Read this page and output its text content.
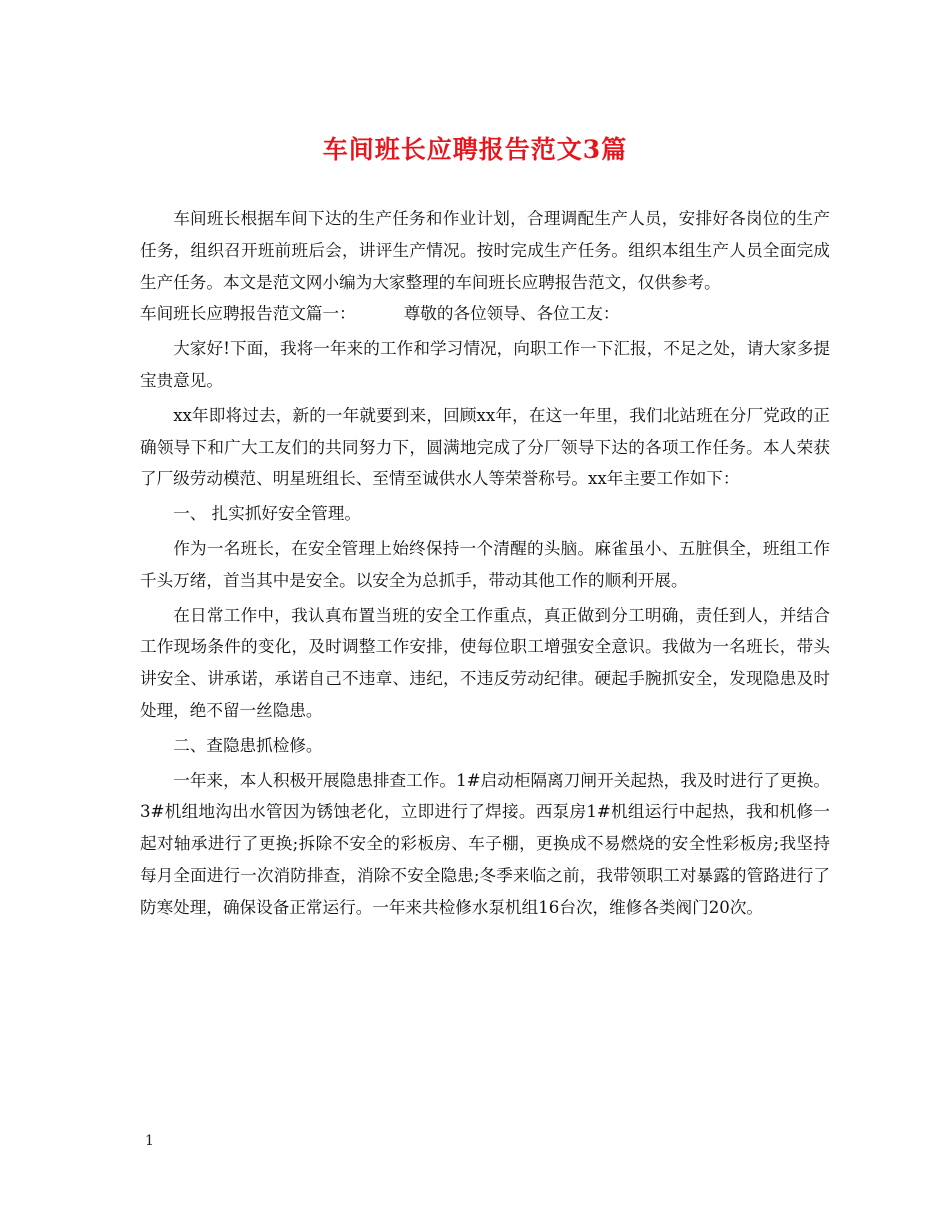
车间班长应聘报告范文3篇

车间班长根据车间下达的生产任务和作业计划，合理调配生产人员，安排好各岗位的生产任务，组织召开班前班后会，讲评生产情况。按时完成生产任务。组织本组生产人员全面完成生产任务。本文是范文网小编为大家整理的车间班长应聘报告范文，仅供参考。

车间班长应聘报告范文篇一：	尊敬的各位领导、各位工友：

大家好!下面，我将一年来的工作和学习情况，向职工作一下汇报，不足之处，请大家多提宝贵意见。

xx年即将过去，新的一年就要到来，回顾xx年，在这一年里，我们北站班在分厂党政的正确领导下和广大工友们的共同努力下，圆满地完成了分厂领导下达的各项工作任务。本人荣获了厂级劳动模范、明星班组长、至情至诚供水人等荣誉称号。xx年主要工作如下：

一、 扎实抓好安全管理。

作为一名班长，在安全管理上始终保持一个清醒的头脑。麻雀虽小、五脏俱全，班组工作千头万绪，首当其中是安全。以安全为总抓手，带动其他工作的顺利开展。

在日常工作中，我认真布置当班的安全工作重点，真正做到分工明确，责任到人，并结合工作现场条件的变化，及时调整工作安排，使每位职工增强安全意识。我做为一名班长，带头讲安全、讲承诺，承诺自己不违章、违纪，不违反劳动纪律。硬起手腕抓安全，发现隐患及时处理，绝不留一丝隐患。

二、查隐患抓检修。

一年来，本人积极开展隐患排查工作。1#启动柜隔离刀闸开关起热，我及时进行了更换。3#机组地沟出水管因为锈蚀老化，立即进行了焊接。西泵房1#机组运行中起热，我和机修一起对轴承进行了更换;拆除不安全的彩板房、车子棚，更换成不易燃烧的安全性彩板房;我坚持每月全面进行一次消防排查，消除不安全隐患;冬季来临之前，我带领职工对暴露的管路进行了防寒处理，确保设备正常运行。一年来共检修水泵机组16台次，维修各类阀门20次。

1
